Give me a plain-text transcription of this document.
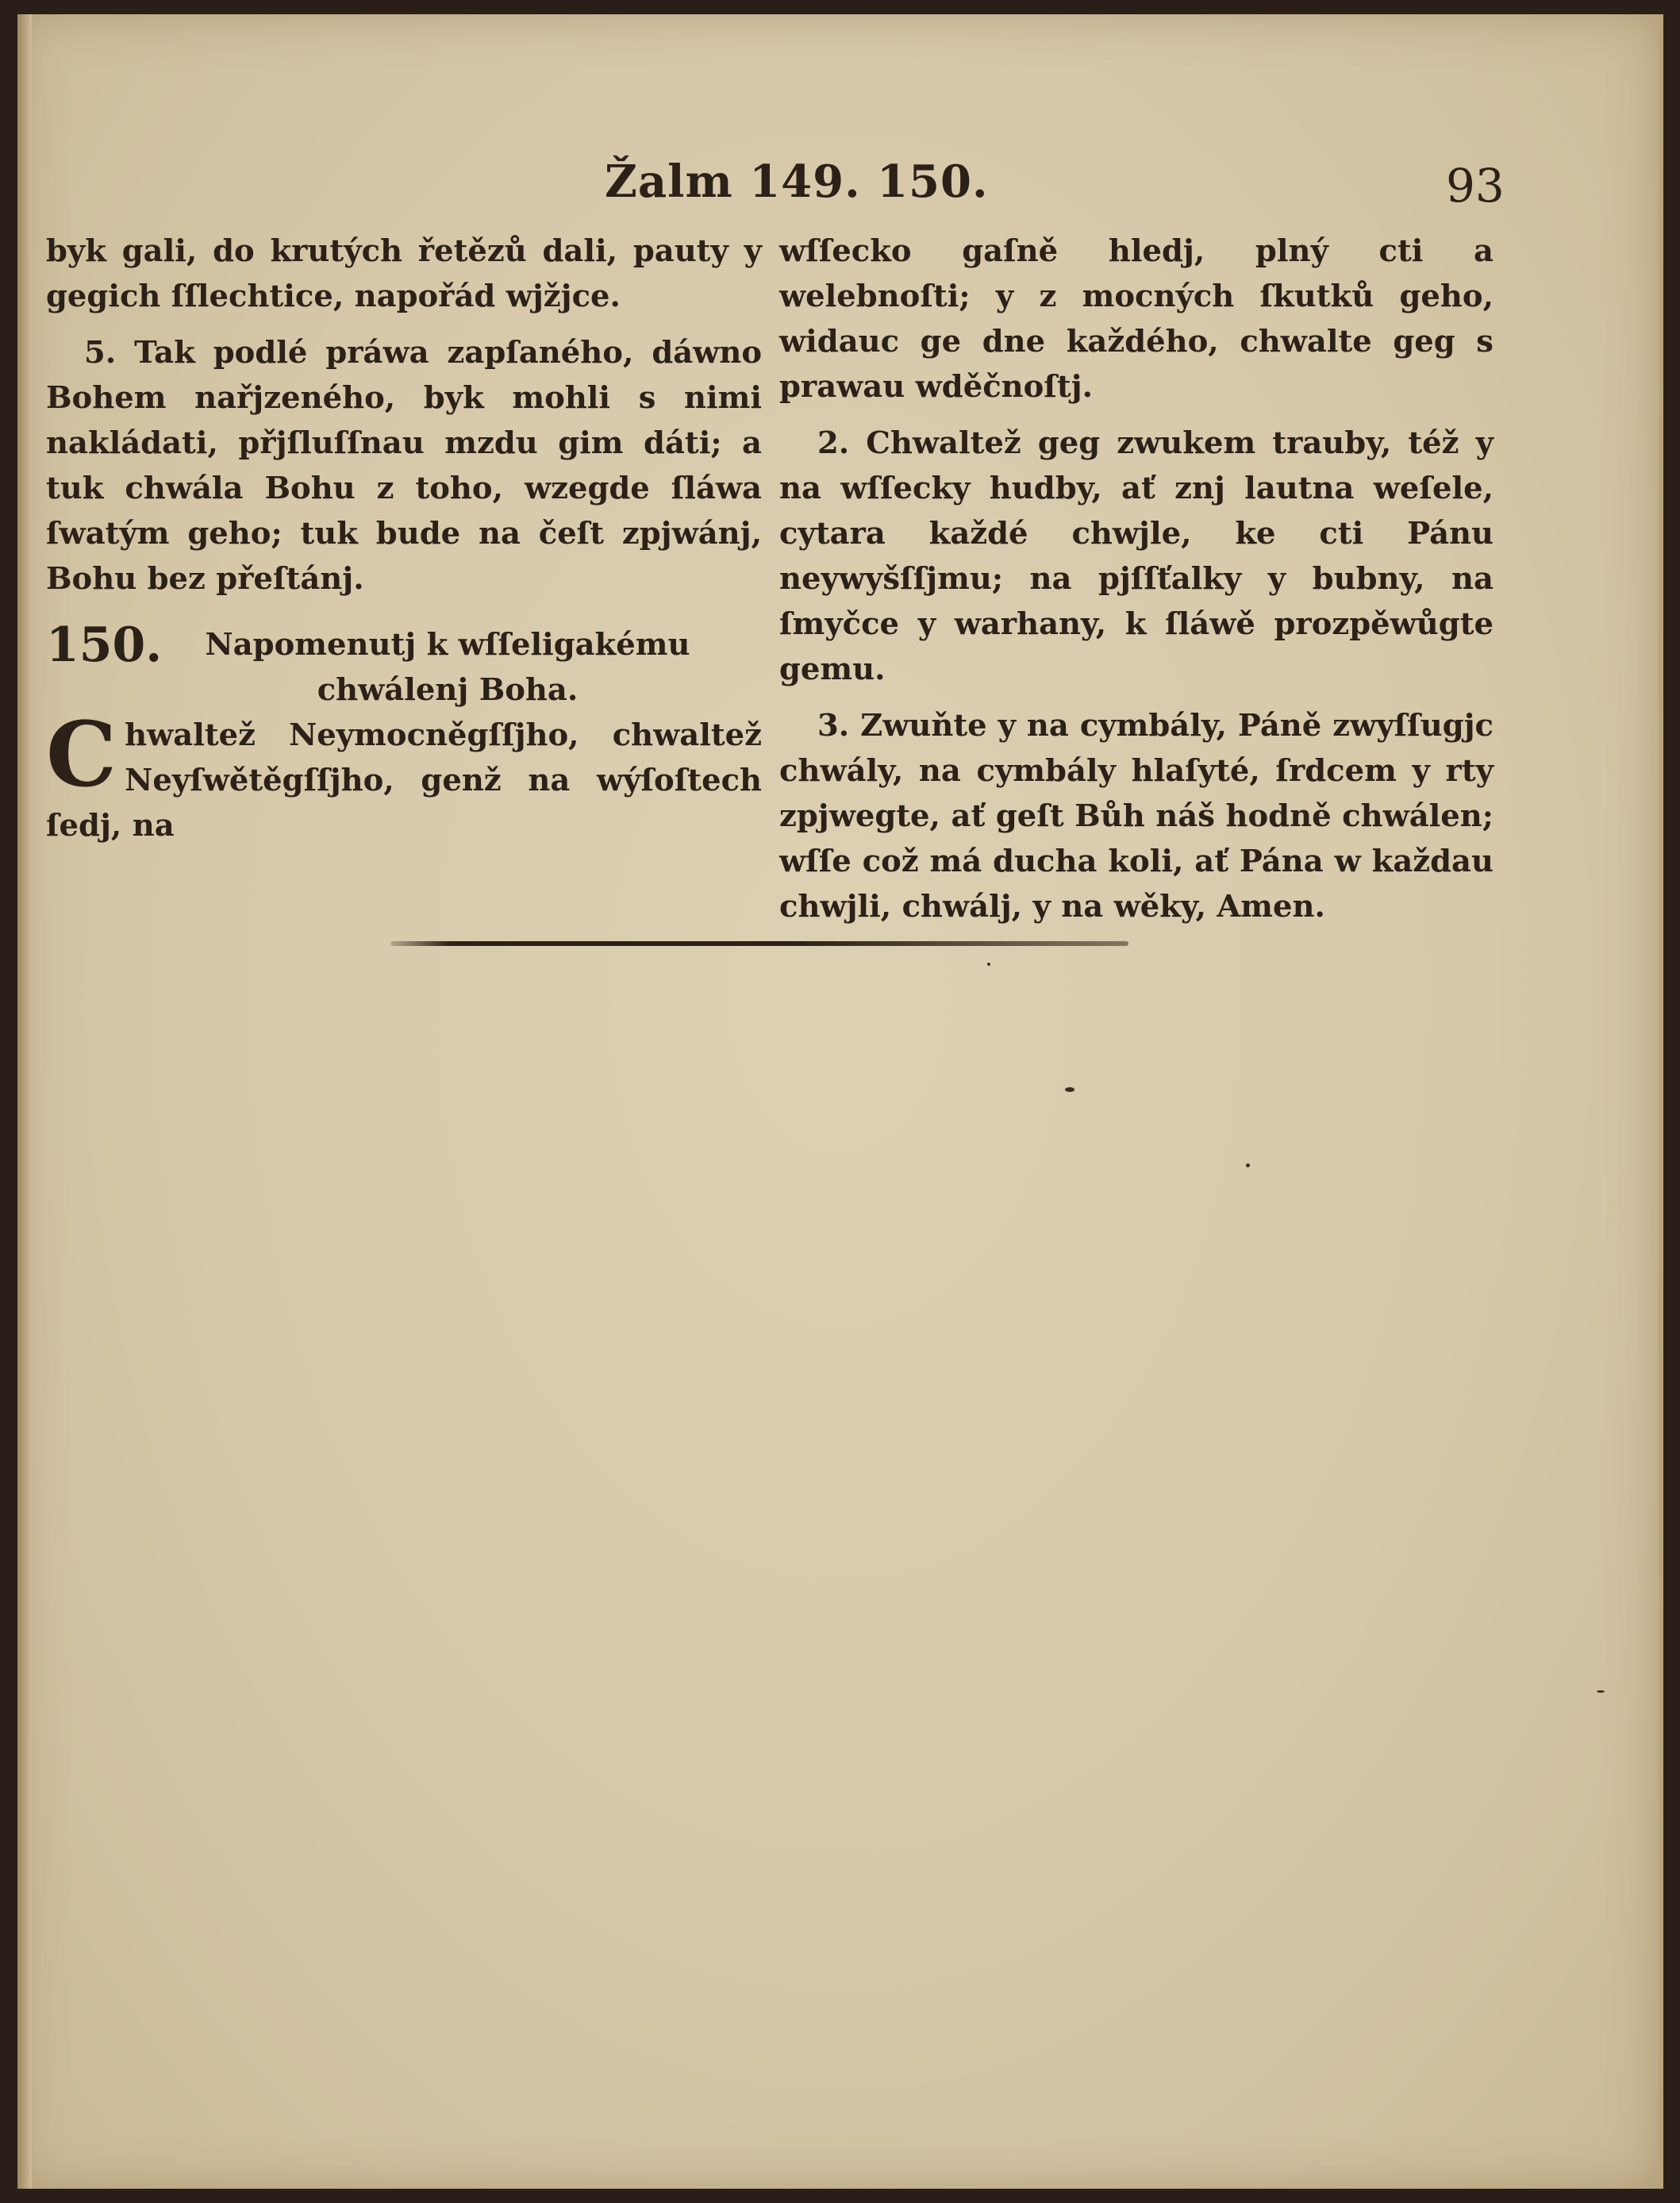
Žalm 149. 150.	93

byk gali, do krutých řetězů dali, pauty y gegich ſſlechtice, napořád wjžjce.

5. Tak podlé práwa zapſaného, dáwno Bohem nařjzeného, byk mohli s nimi nakládati, přjſluſſnau mzdu gim dáti; a tuk chwála Bohu z toho, wzegde ſláwa ſwatým geho; tuk bude na čeſt zpjwánj, Bohu bez přeſtánj.

150.	Napomenutj k wſſeligakému chwálenj Boha.

C hwaltež Neymocněgſſjho, chwaltež Neyſwětěgſſjho, genž na wýſoſtech ſedj, na

wſſecko gaſně hledj, plný cti a welebnoſti; y z mocných ſkutků geho, widauc ge dne každého, chwalte geg s prawau wděčnoſtj.

2. Chwaltež geg zwukem trauby, též y na wſſecky hudby, ať znj lautna weſele, cytara každé chwjle, ke cti Pánu neywyšſſjmu; na pjſſťalky y bubny, na ſmyčce y warhany, k ſláwě prozpěwůgte gemu.

3. Zwuňte y na cymbály, Páně zwyſſugjc chwály, na cymbály hlaſyté, ſrdcem y rty zpjwegte, ať geſt Bůh náš hodně chwálen; wſſe což má ducha koli, ať Pána w každau chwjli, chwálj, y na wěky, Amen.
